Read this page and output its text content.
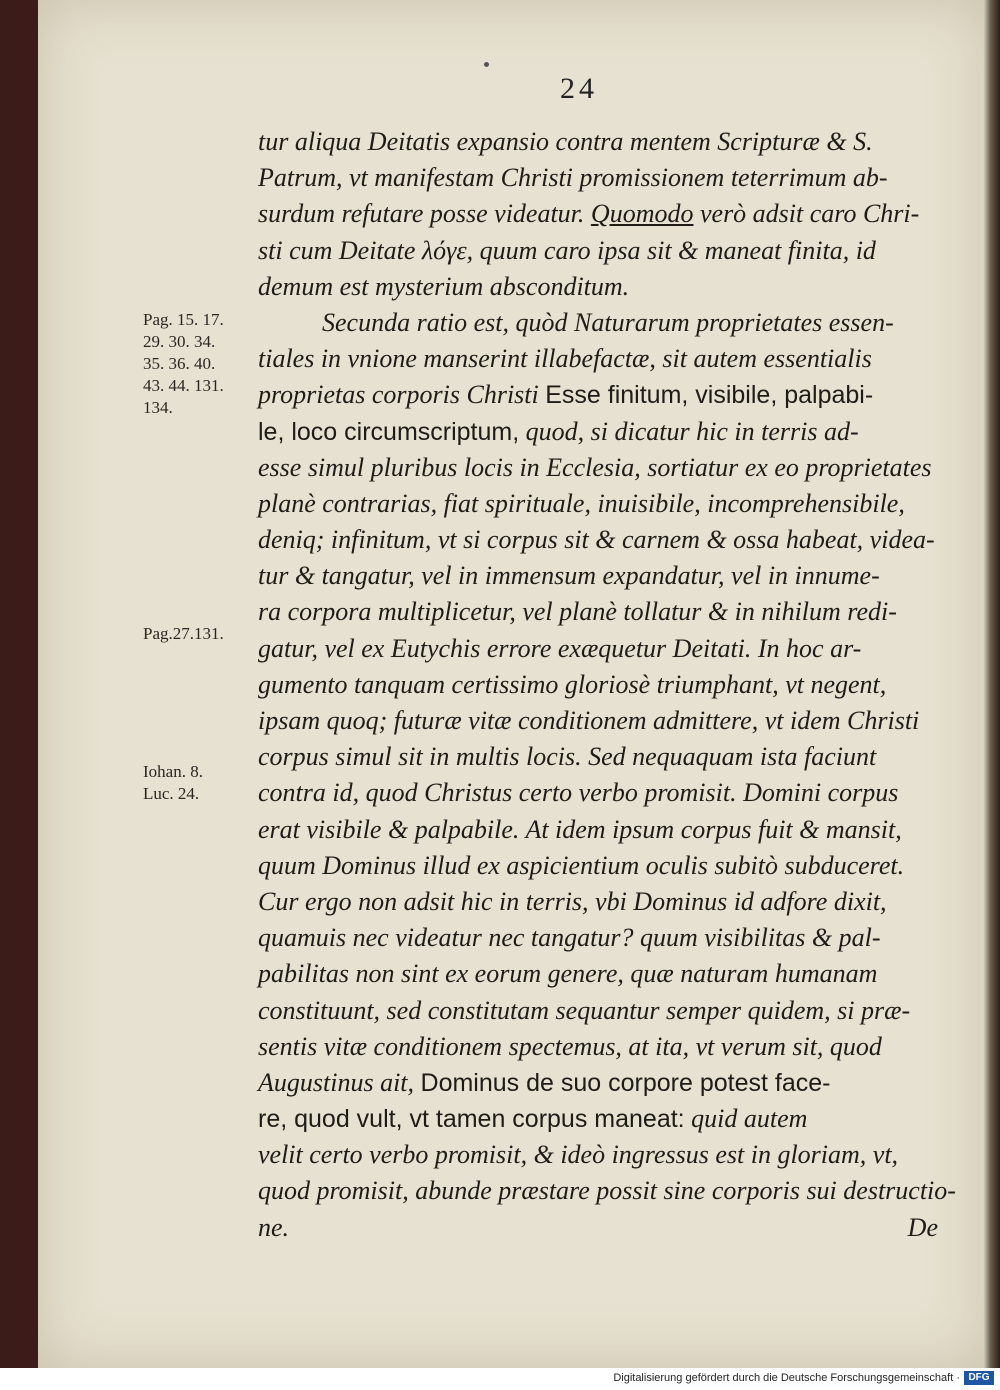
24
Pag. 15. 17.
29. 30. 34.
35. 36. 40.
43. 44. 131.
134.
Pag.27.131.
Iohan. 8.
Luc. 24.
tur aliqua Deitatis expansio contra mentem Scripturæ & S.
Patrum, vt manifestam Christi promissionem teterrimum ab-
surdum refutare posse videatur. Quomodo verò adsit caro Chri-
sti cum Deitate λόγε, quum caro ipsa sit & maneat finita, id
demum est mysterium absconditum.
Secunda ratio est, quòd Naturarum proprietates essen-
tiales in vnione manserint illabefactæ, sit autem essentialis
proprietas corporis Christi Esse finitum, visibile, palpabi-
le, loco circumscriptum, quod, si dicatur hic in terris ad-
esse simul pluribus locis in Ecclesia, sortiatur ex eo proprietates
planè contrarias, fiat spirituale, inuisibile, incomprehensibile,
deniq; infinitum, vt si corpus sit & carnem & ossa habeat, videa-
tur & tangatur, vel in immensum expandatur, vel in innume-
ra corpora multiplicetur, vel planè tollatur & in nihilum redi-
gatur, vel ex Eutychis errore exæquetur Deitati. In hoc ar-
gumento tanquam certissimo gloriosè triumphant, vt negent,
ipsam quoq; futuræ vitæ conditionem admittere, vt idem Christi
corpus simul sit in multis locis. Sed nequaquam ista faciunt
contra id, quod Christus certo verbo promisit. Domini corpus
erat visibile & palpabile. At idem ipsum corpus fuit & mansit,
quum Dominus illud ex aspicientium oculis subitò subduceret.
Cur ergo non adsit hic in terris, vbi Dominus id adfore dixit,
quamuis nec videatur nec tangatur? quum visibilitas & pal-
pabilitas non sint ex eorum genere, quæ naturam humanam
constituunt, sed constitutam sequantur semper quidem, si præ-
sentis vitæ conditionem spectemus, at ita, vt verum sit, quod
Augustinus ait, Dominus de suo corpore potest face-
re, quod vult, vt tamen corpus maneat: quid autem
velit certo verbo promisit, & ideò ingressus est in gloriam, vt,
quod promisit, abunde præstare possit sine corporis sui destructio-
ne.	De
Digitalisierung gefördert durch die Deutsche Forschungsgemeinschaft · DFG
